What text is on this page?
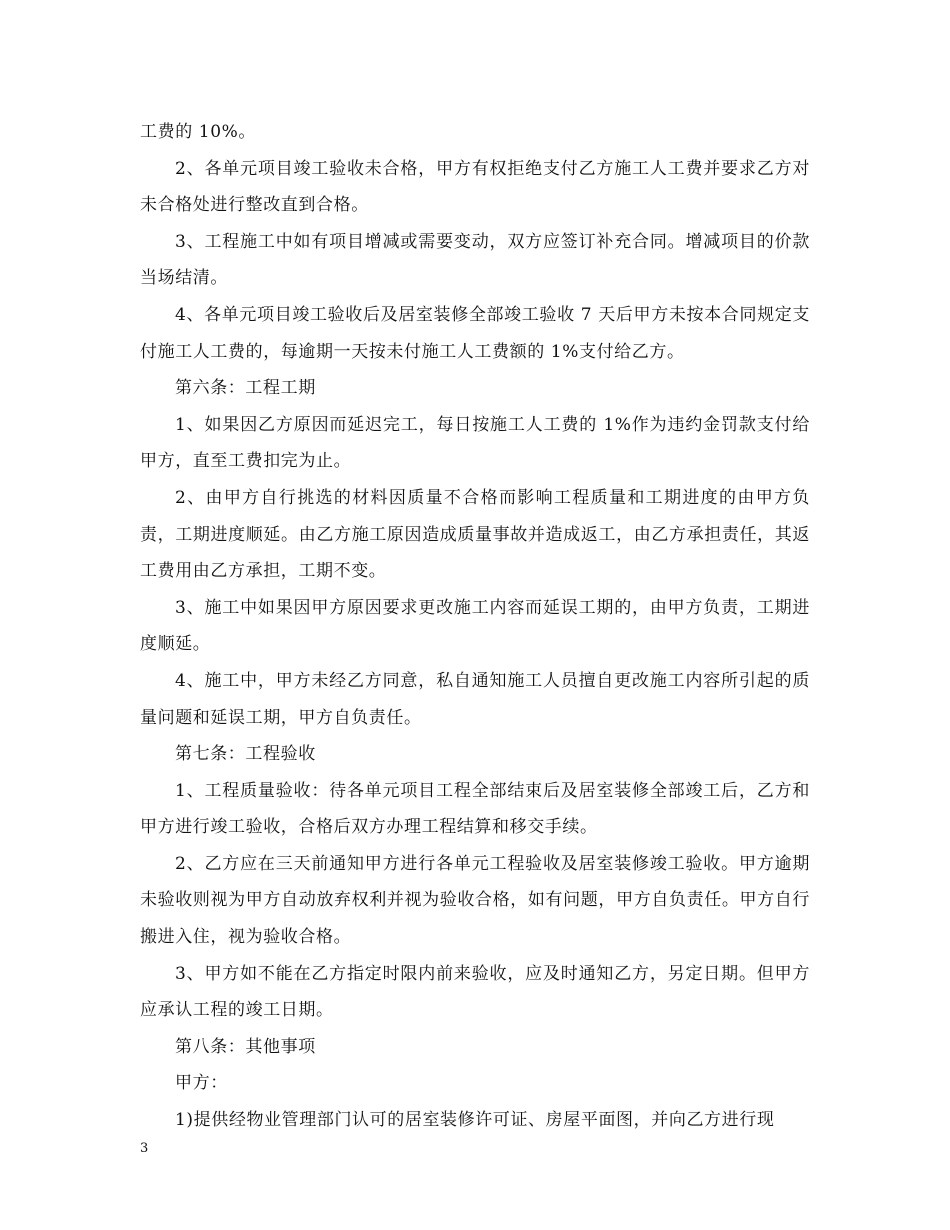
工费的 10%。

2、各单元项目竣工验收未合格，甲方有权拒绝支付乙方施工人工费并要求乙方对未合格处进行整改直到合格。

3、工程施工中如有项目增减或需要变动，双方应签订补充合同。增减项目的价款当场结清。

4、各单元项目竣工验收后及居室装修全部竣工验收 7 天后甲方未按本合同规定支付施工人工费的，每逾期一天按未付施工人工费额的 1%支付给乙方。

第六条：工程工期

1、如果因乙方原因而延迟完工，每日按施工人工费的 1%作为违约金罚款支付给甲方，直至工费扣完为止。

2、由甲方自行挑选的材料因质量不合格而影响工程质量和工期进度的由甲方负责，工期进度顺延。由乙方施工原因造成质量事故并造成返工，由乙方承担责任，其返工费用由乙方承担，工期不变。

3、施工中如果因甲方原因要求更改施工内容而延误工期的，由甲方负责，工期进度顺延。

4、施工中，甲方未经乙方同意，私自通知施工人员擅自更改施工内容所引起的质量问题和延误工期，甲方自负责任。

第七条：工程验收

1、工程质量验收：待各单元项目工程全部结束后及居室装修全部竣工后，乙方和甲方进行竣工验收，合格后双方办理工程结算和移交手续。

2、乙方应在三天前通知甲方进行各单元工程验收及居室装修竣工验收。甲方逾期未验收则视为甲方自动放弃权利并视为验收合格，如有问题，甲方自负责任。甲方自行搬进入住，视为验收合格。

3、甲方如不能在乙方指定时限内前来验收，应及时通知乙方，另定日期。但甲方应承认工程的竣工日期。

第八条：其他事项

甲方：

1)提供经物业管理部门认可的居室装修许可证、房屋平面图，并向乙方进行现

3
